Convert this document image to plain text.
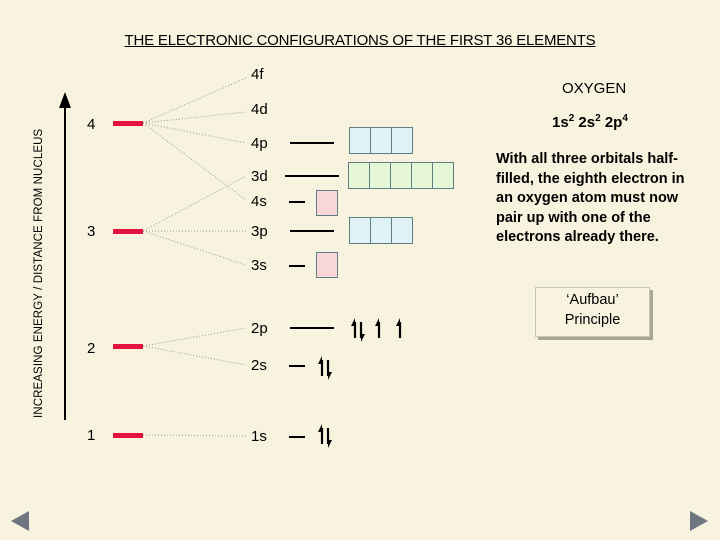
THE ELECTRONIC CONFIGURATIONS OF THE FIRST 36 ELEMENTS
INCREASING ENERGY / DISTANCE FROM NUCLEUS
4
3
2
1
4f
4d
4p
3d
4s
3p
3s
2p
2s
1s
OXYGEN
$1s^2$ $2s^2$ $2p^4$
With all three orbitals half-
filled, the eighth electron in
an oxygen atom must now
pair up with one of the
electrons already there.
‘Aufbau’
Principle
